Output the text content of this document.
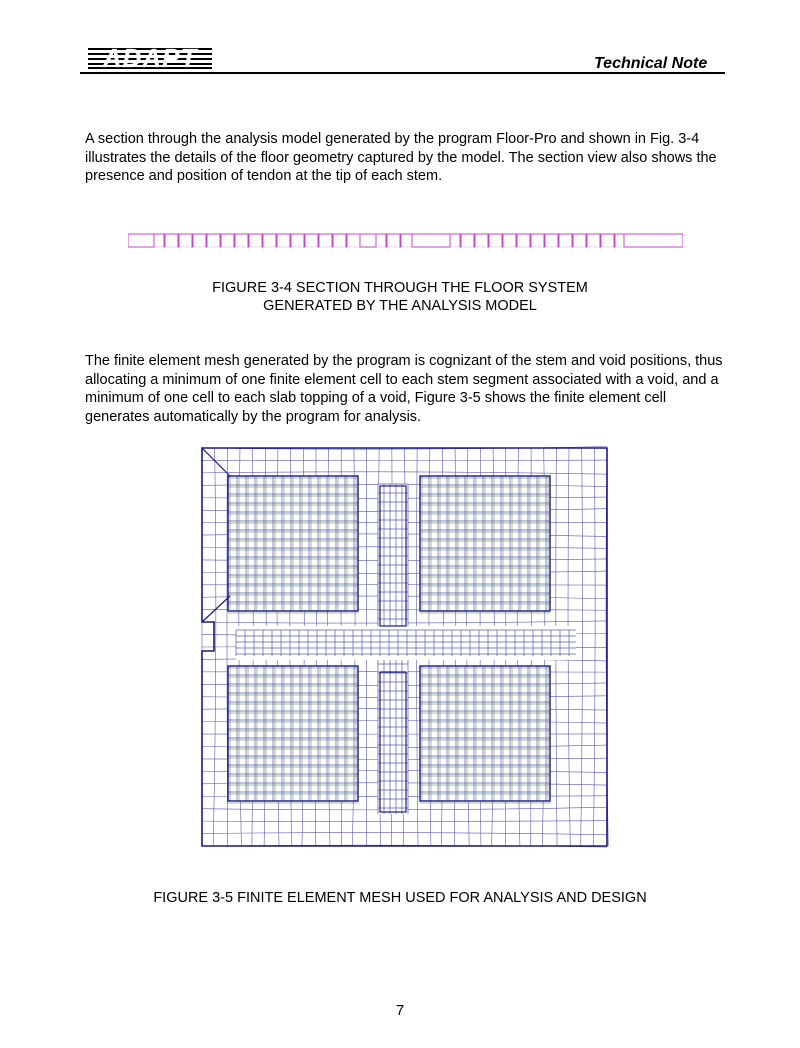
ADAPT	Technical Note
A section through the analysis model generated by the program Floor-Pro and shown in Fig. 3-4 illustrates the details of the floor geometry captured by the model. The section view also shows the presence and position of tendon at the tip of each stem.
FIGURE 3-4 SECTION THROUGH THE FLOOR SYSTEM
GENERATED BY THE ANALYSIS MODEL
The finite element mesh generated by the program is cognizant of the stem and void positions, thus allocating a minimum of one finite element cell to each stem segment associated with a void, and a minimum of one cell to each slab topping of a void, Figure 3-5 shows the finite element cell generates automatically by the program for analysis.
FIGURE 3-5 FINITE ELEMENT MESH USED FOR ANALYSIS AND DESIGN
7
